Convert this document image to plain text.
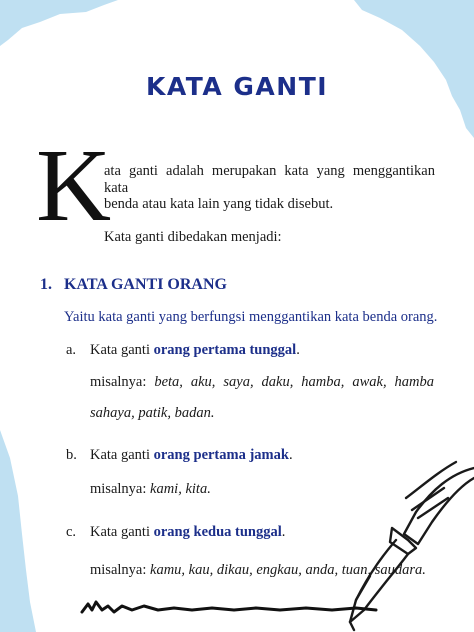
KATA GANTI
K
ata ganti adalah merupakan kata yang menggantikan kata
benda atau kata lain yang tidak disebut.
Kata ganti dibedakan menjadi:
1. KATA GANTI ORANG
Yaitu kata ganti yang berfungsi menggantikan kata benda orang.
a. Kata ganti orang pertama tunggal.
misalnya: beta, aku, saya, daku, hamba, awak, hamba
sahaya, patik, badan.
b. Kata ganti orang pertama jamak.
misalnya: kami, kita.
c. Kata ganti orang kedua tunggal.
misalnya: kamu, kau, dikau, engkau, anda, tuan, saudara.
